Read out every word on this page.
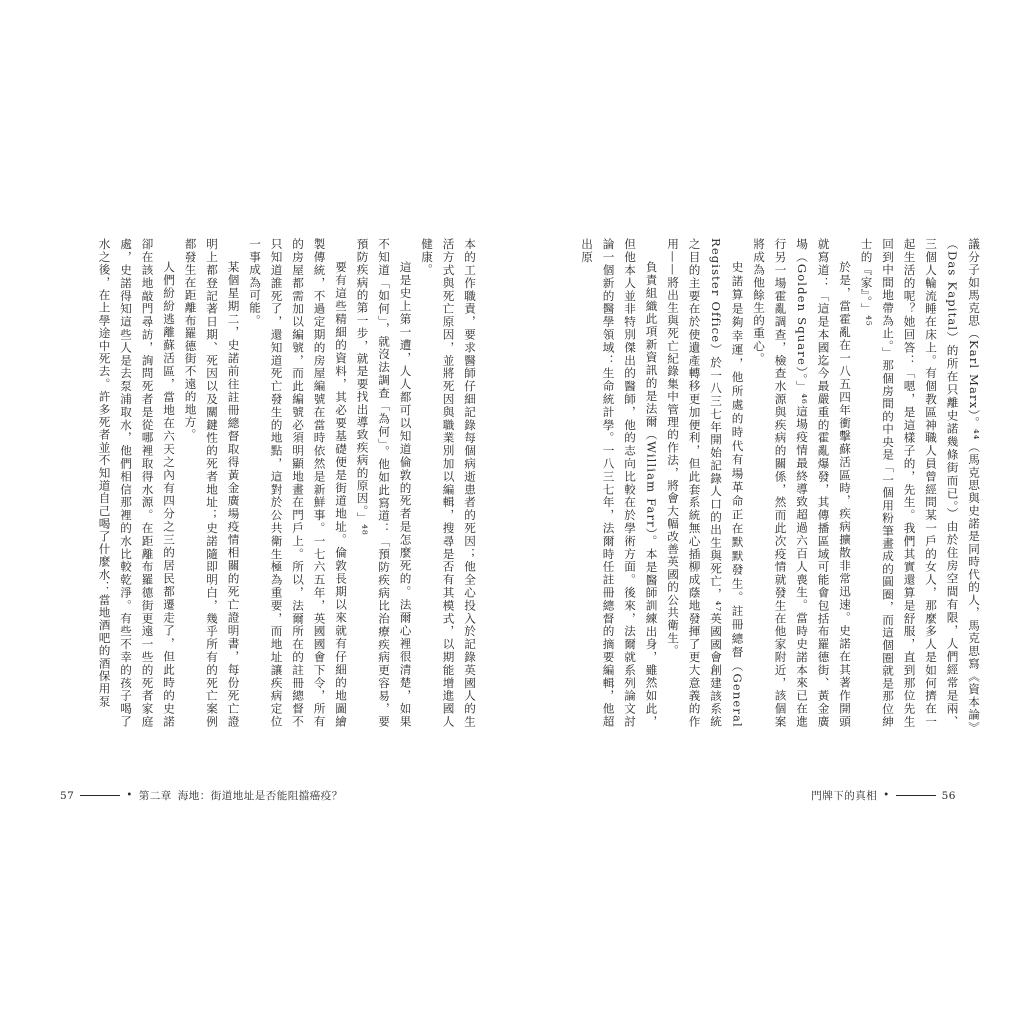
本的工作職責，要求醫師仔細記錄每個病逝患者的死因；他全心投入於記錄英國人的生活方式與死亡原因，並將死因與職業別加以編輯，搜尋是否有其模式，以期能增進國人健康。

這是史上第一遭，人人都可以知道倫敦的死者是怎麼死的。法爾心裡很清楚，如果不知道「如何」，就沒法調查「為何」。他如此寫道：「預防疾病比治療疾病更容易，要預防疾病的第一步，就是要找出導致疾病的原因。」⁴⁸

要有這些精細的資料，其必要基礎便是街道地址。倫敦長期以來就有仔細的地圖繪製傳統，不過定期的房屋編號在當時依然是新鮮事。一七六五年，英國國會下令，所有的房屋都需加以編號，而此編號必須明顯地畫在門戶上。所以，法爾所在的註冊總督不只知道誰死了，還知道死亡發生的地點，這對於公共衛生極為重要，而地址讓疾病定位一事成為可能。

某個星期二，史諾前往註冊總督取得黃金廣場疫情相關的死亡證明書，每份死亡證明上都登記著日期、死因以及關鍵性的死者地址；史諾隨即明白，幾乎所有的死亡案例都發生在距離布羅德街不遠的地方。

人們紛紛逃離蘇活區，當地在六天之內有四分之三的居民都遷走了，但此時的史諾卻在該地敲門尋訪，詢問死者是從哪裡取得水源。在距離布羅德街更遠一些的死者家庭處，史諾得知這些人是去泵浦取水，他們相信那裡的水比較乾淨。有些不幸的孩子喝了水之後，在上學途中死去。許多死者並不知道自己喝了什麼水：當地酒吧的酒保用泵

57	• 第二章 海地：街道地址是否能阻擋癌疫？

議分子如馬克思（Karl Marx）。⁴⁴（馬克思與史諾是同時代的人，馬克思寫《資本論》（Das Kapital）的所在只離史諾幾條街而已。）由於住房空間有限，人們經常是兩、三個人輪流睡在床上。有個教區神職人員曾經問某一戶的女人，那麼多人是如何擠在一起生活的呢？她回答：「嗯，是這樣子的，先生。我們其實還算是舒服，直到那位先生回到中間地帶為止。」那個房間的中央是「一個用粉筆畫成的圓圈，而這個圈就是那位紳士的『家』。」⁴⁵

於是，當霍亂在一八五四年衝擊蘇活區時，疾病擴散非常迅速。史諾在其著作開頭就寫道：「這是本國迄今最嚴重的霍亂爆發，其傳播區域可能會包括布羅德街、黃金廣場（Golden Square）。」⁴⁶這場疫情最終導致超過六百人喪生。當時史諾本來已在進行另一場霍亂調查，檢查水源與疾病的關係，然而此次疫情就發生在他家附近，該個案將成為他餘生的重心。

史諾算是夠幸運，他所處的時代有場革命正在默默發生。註冊總督（General Register Office）於一八三七年開始記錄人口的出生與死亡，⁴⁷英國國會創建該系統之目的主要在於使遺產轉移更加便利，但此套系統無心插柳成蔭地發揮了更大意義的作用——將出生與死亡紀錄集中管理的作法，將會大幅改善英國的公共衛生。

負責組織此項新資訊的是法爾（William Farr）。本是醫師訓練出身，雖然如此，但他本人並非特別傑出的醫師，他的志向比較在於學術方面。後來，法爾就系列論文討論一個新的醫學領域：生命統計學。一八三七年，法爾時任註冊總督的摘要編輯，他超出原

門牌下的真相 •	56
